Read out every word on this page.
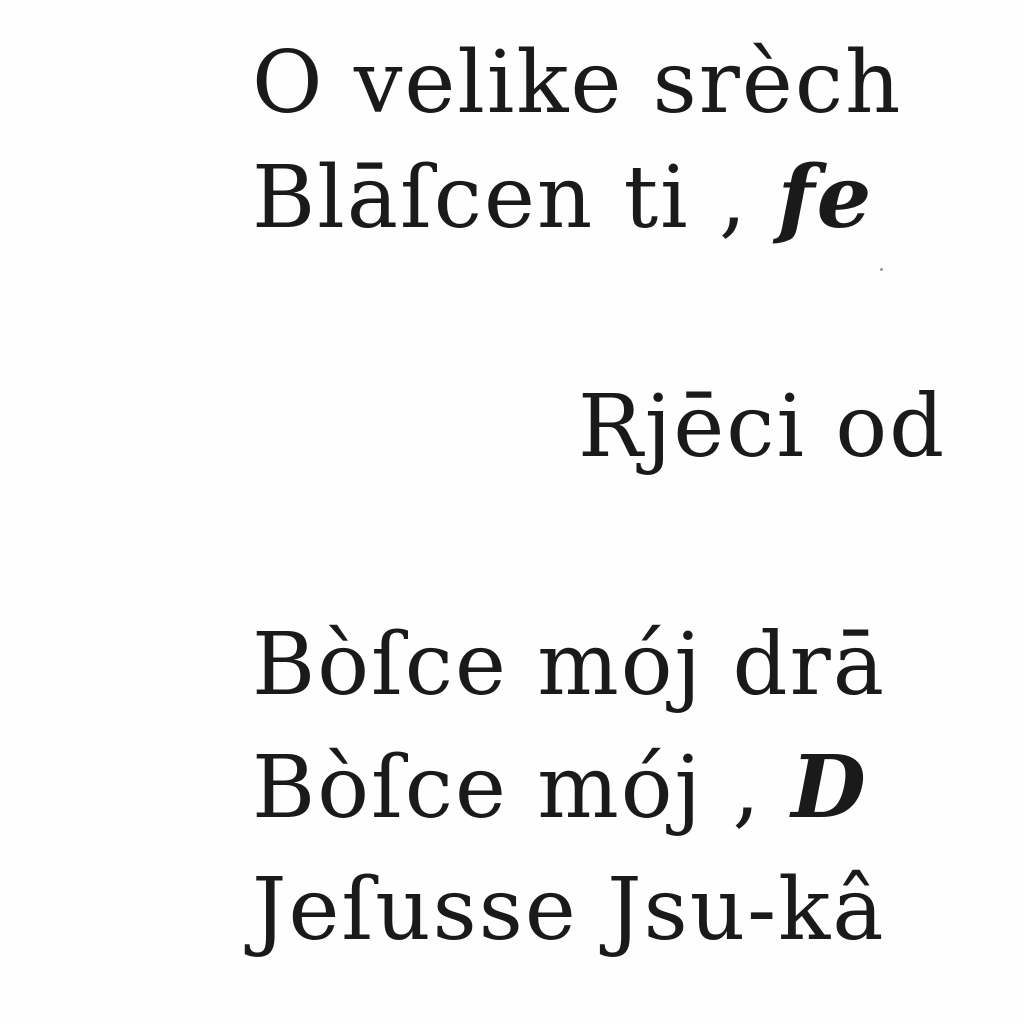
O velike srèch
Blāſcen ti , fe
Rjēci od
Bòſce mój drā
Bòſce mój , D
Jeſusse Jsu-kâ
